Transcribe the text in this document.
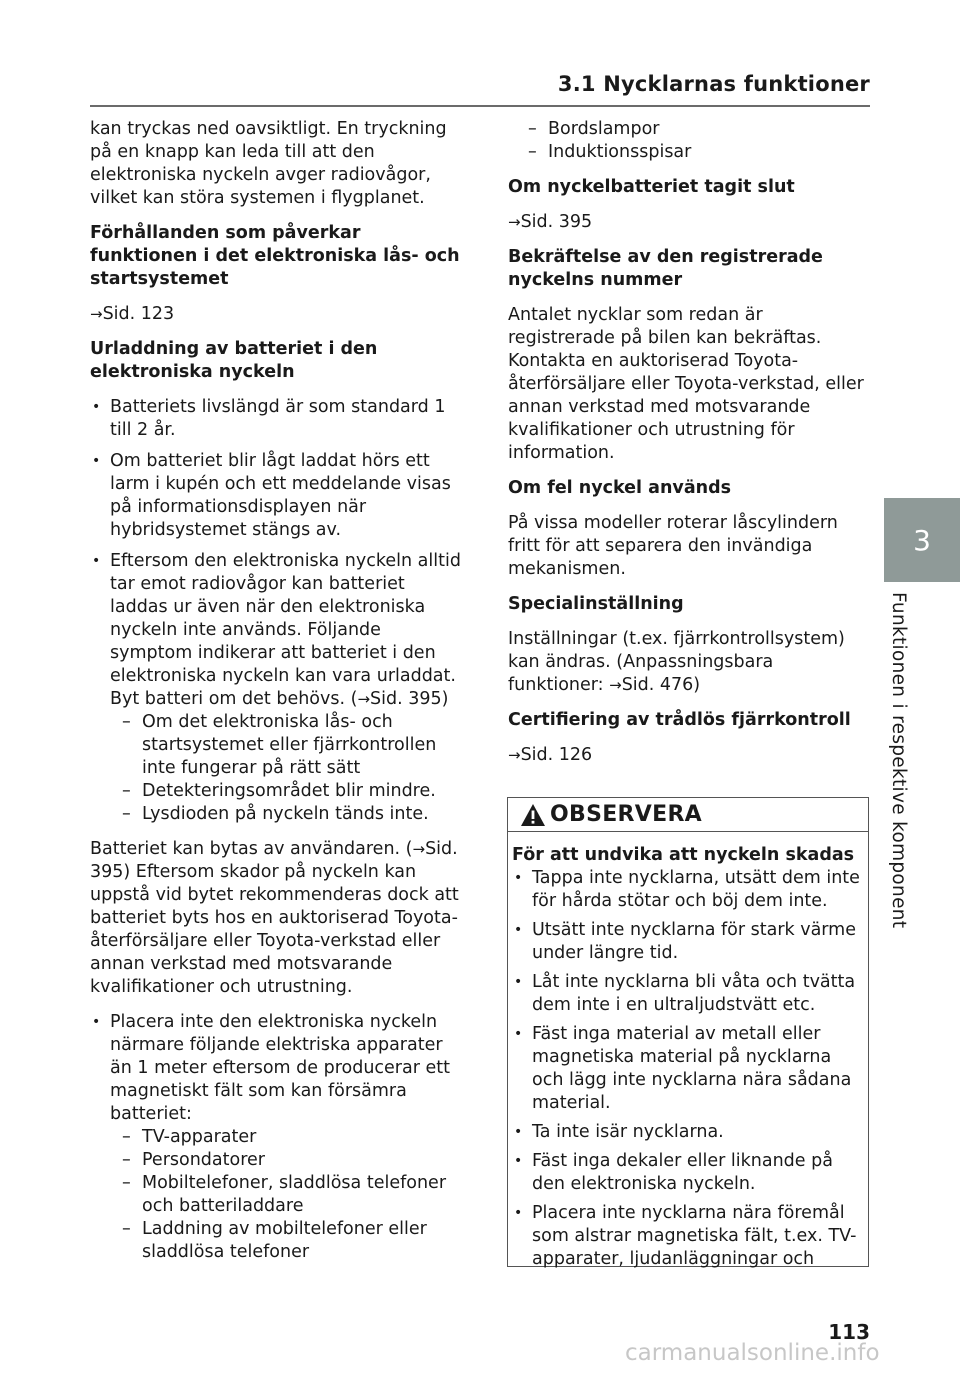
3.1 Nycklarnas funktioner

kan tryckas ned oavsiktligt. En tryckning på en knapp kan leda till att den elektroniska nyckeln avger radiovågor, vilket kan störa systemen i flygplanet.

Förhållanden som påverkar funktionen i det elektroniska lås- och startsystemet

→Sid. 123

Urladdning av batteriet i den elektroniska nyckeln

• Batteriets livslängd är som standard 1 till 2 år.
• Om batteriet blir lågt laddat hörs ett larm i kupén och ett meddelande visas på informationsdisplayen när hybridsystemet stängs av.
• Eftersom den elektroniska nyckeln alltid tar emot radiovågor kan batteriet laddas ur även när den elektroniska nyckeln inte används. Följande symptom indikerar att batteriet i den elektroniska nyckeln kan vara urladdat. Byt batteri om det behövs. (→Sid. 395)
– Om det elektroniska lås- och startsystemet eller fjärrkontrollen inte fungerar på rätt sätt
– Detekteringsområdet blir mindre.
– Lysdioden på nyckeln tänds inte.

Batteriet kan bytas av användaren. (→Sid. 395) Eftersom skador på nyckeln kan uppstå vid bytet rekommenderas dock att batteriet byts hos en auktoriserad Toyota-återförsäljare eller Toyota-verkstad eller annan verkstad med motsvarande kvalifikationer och utrustning.

• Placera inte den elektroniska nyckeln närmare följande elektriska apparater än 1 meter eftersom de producerar ett magnetiskt fält som kan försämra batteriet:
– TV-apparater
– Persondatorer
– Mobiltelefoner, sladdlösa telefoner och batteriladdare
– Laddning av mobiltelefoner eller sladdlösa telefoner
– Bordslampor
– Induktionsspisar

Om nyckelbatteriet tagit slut

→Sid. 395

Bekräftelse av den registrerade nyckelns nummer

Antalet nycklar som redan är registrerade på bilen kan bekräftas. Kontakta en auktoriserad Toyota-återförsäljare eller Toyota-verkstad, eller annan verkstad med motsvarande kvalifikationer och utrustning för information.

Om fel nyckel används

På vissa modeller roterar låscylindern fritt för att separera den invändiga mekanismen.

Specialinställning

Inställningar (t.ex. fjärrkontrollsystem) kan ändras. (Anpassningsbara funktioner: →Sid. 476)

Certifiering av trådlös fjärrkontroll

→Sid. 126

OBSERVERA

För att undvika att nyckeln skadas

• Tappa inte nycklarna, utsätt dem inte för hårda stötar och böj dem inte.
• Utsätt inte nycklarna för stark värme under längre tid.
• Låt inte nycklarna bli våta och tvätta dem inte i en ultraljudstvätt etc.
• Fäst inga material av metall eller magnetiska material på nycklarna och lägg inte nycklarna nära sådana material.
• Ta inte isär nycklarna.
• Fäst inga dekaler eller liknande på den elektroniska nyckeln.
• Placera inte nycklarna nära föremål som alstrar magnetiska fält, t.ex. TV-apparater, ljudanläggningar och
3
Funktionen i respektive komponent
113
carmanualsonline.info
